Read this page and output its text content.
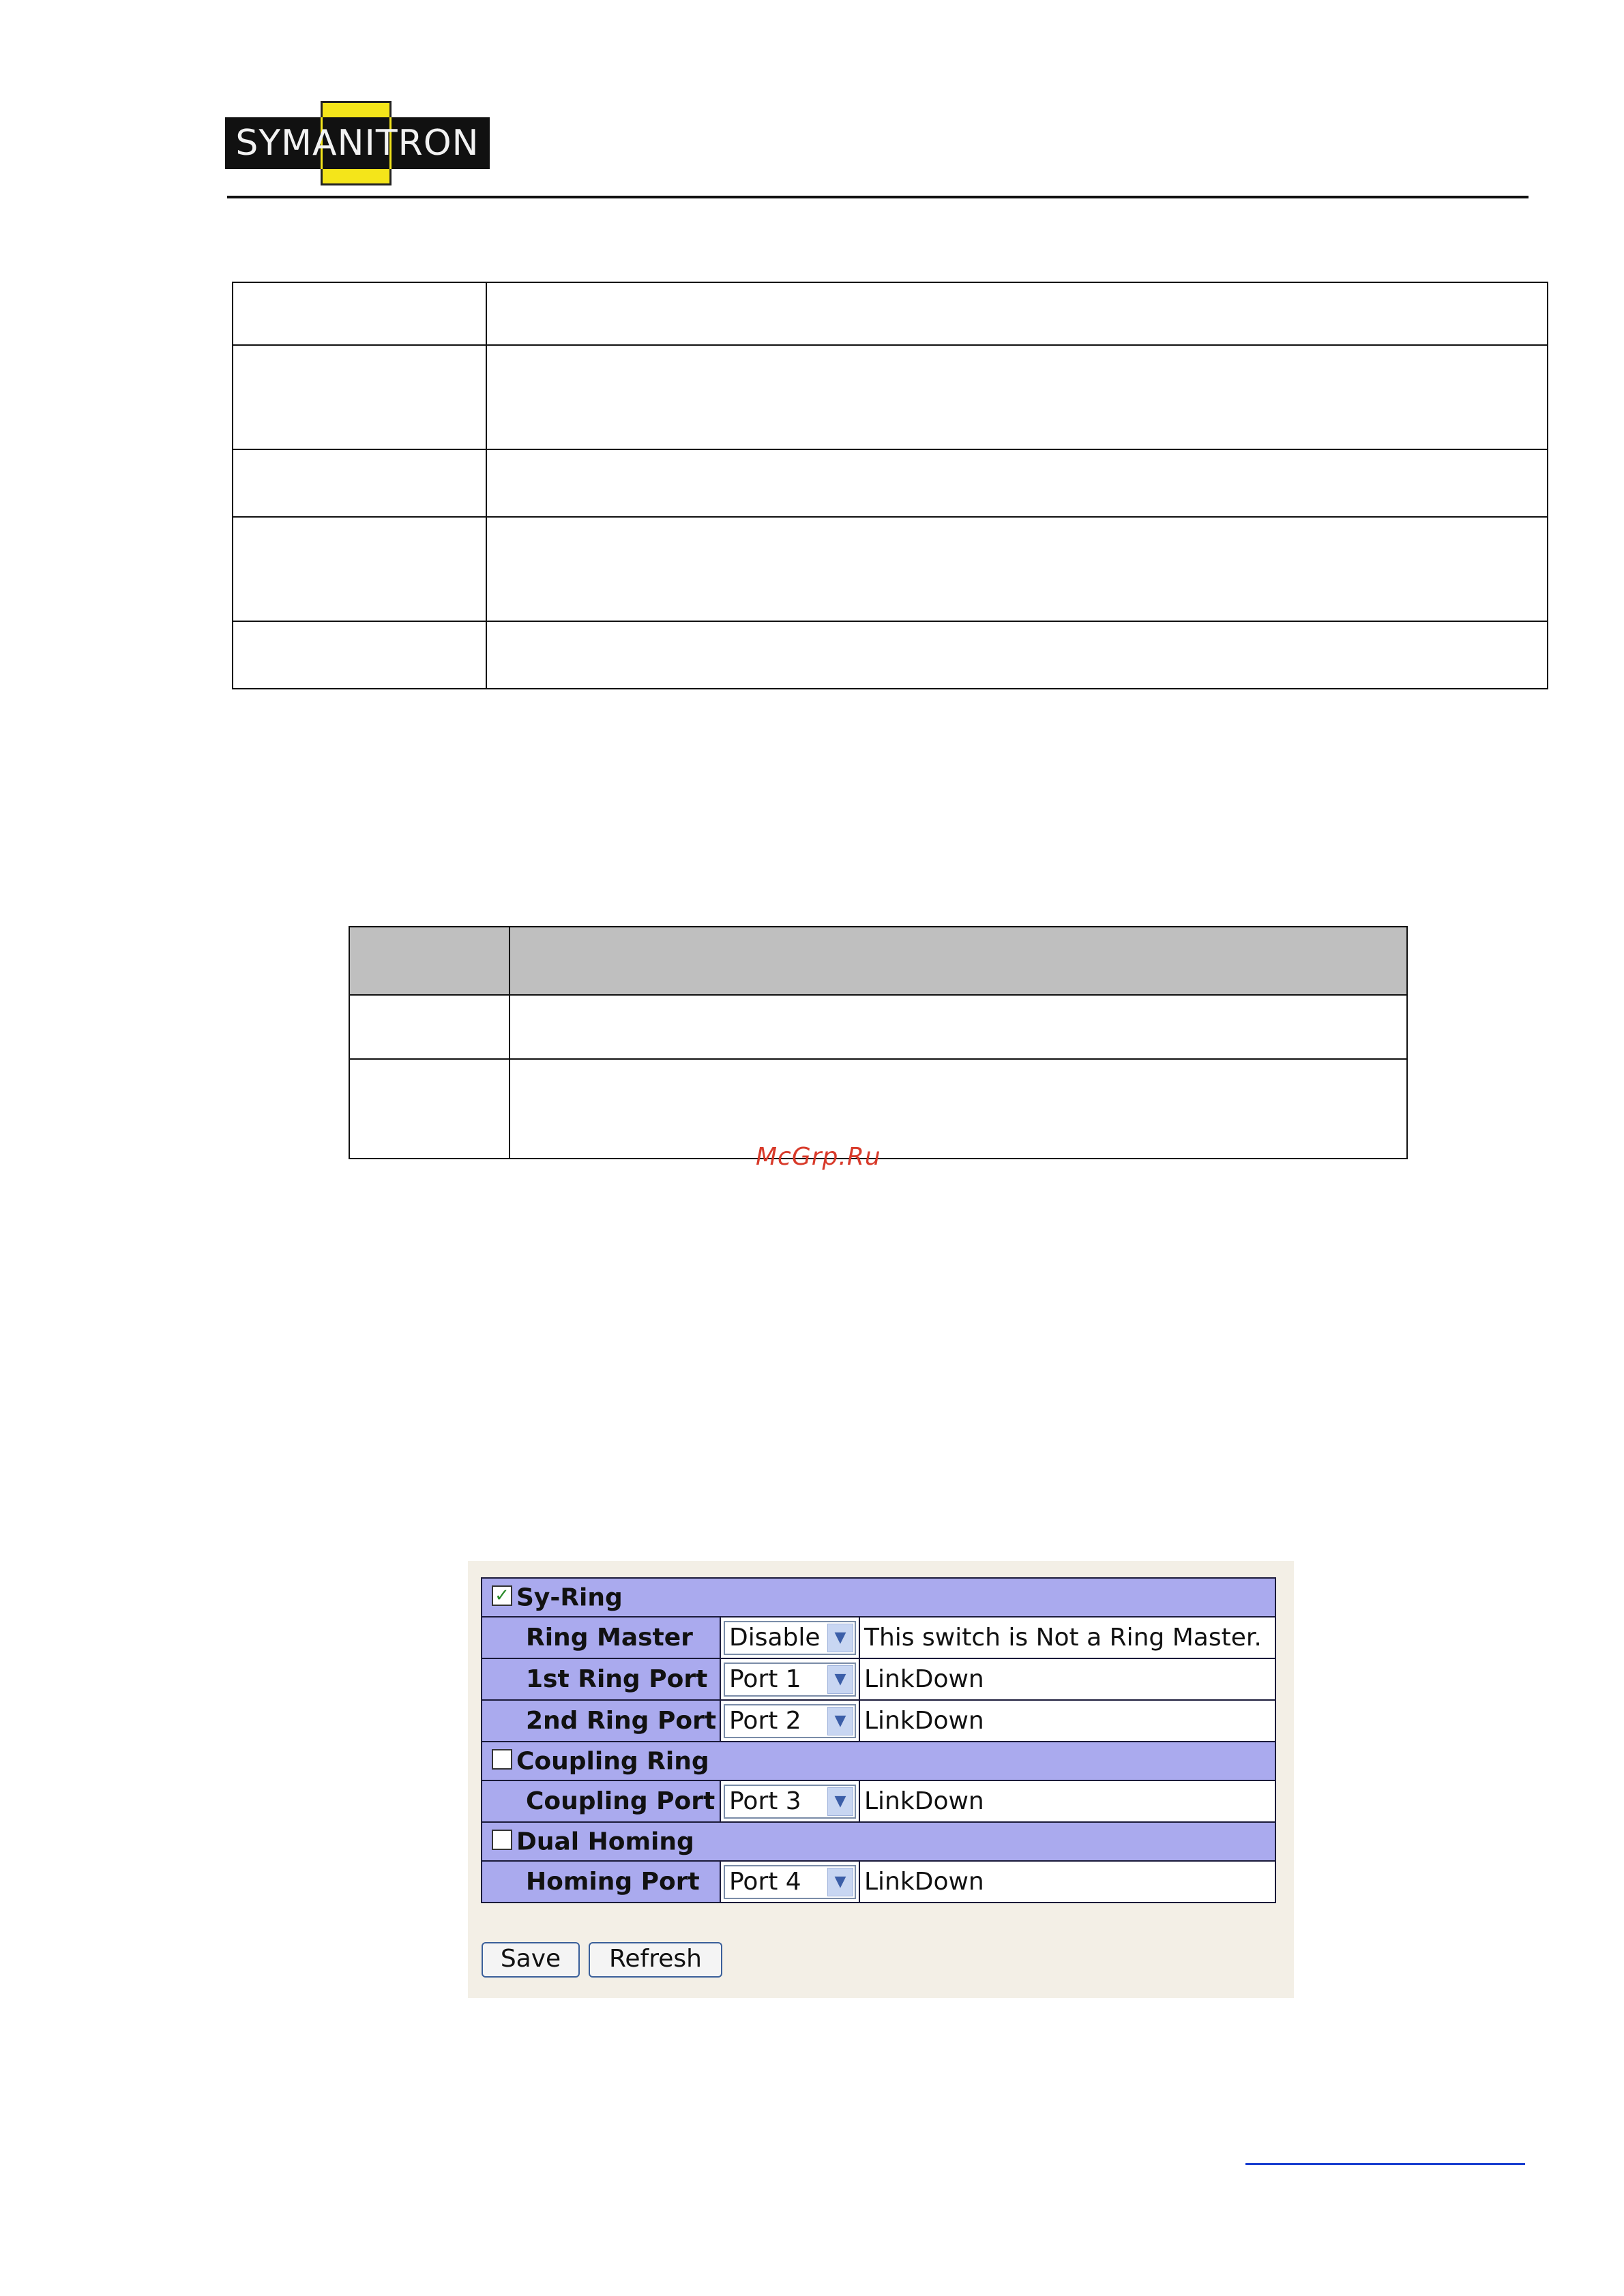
SYMANITRON

McGrp.Ru
✓ Sy-Ring		
Ring Master	Disable ▼	This switch is Not a Ring Master.
1st Ring Port	Port 1 ▼	LinkDown
2nd Ring Port	Port 2 ▼	LinkDown
Coupling Ring		
Coupling Port	Port 3 ▼	LinkDown
Dual Homing		
Homing Port	Port 4 ▼	LinkDown
Save	Refresh
